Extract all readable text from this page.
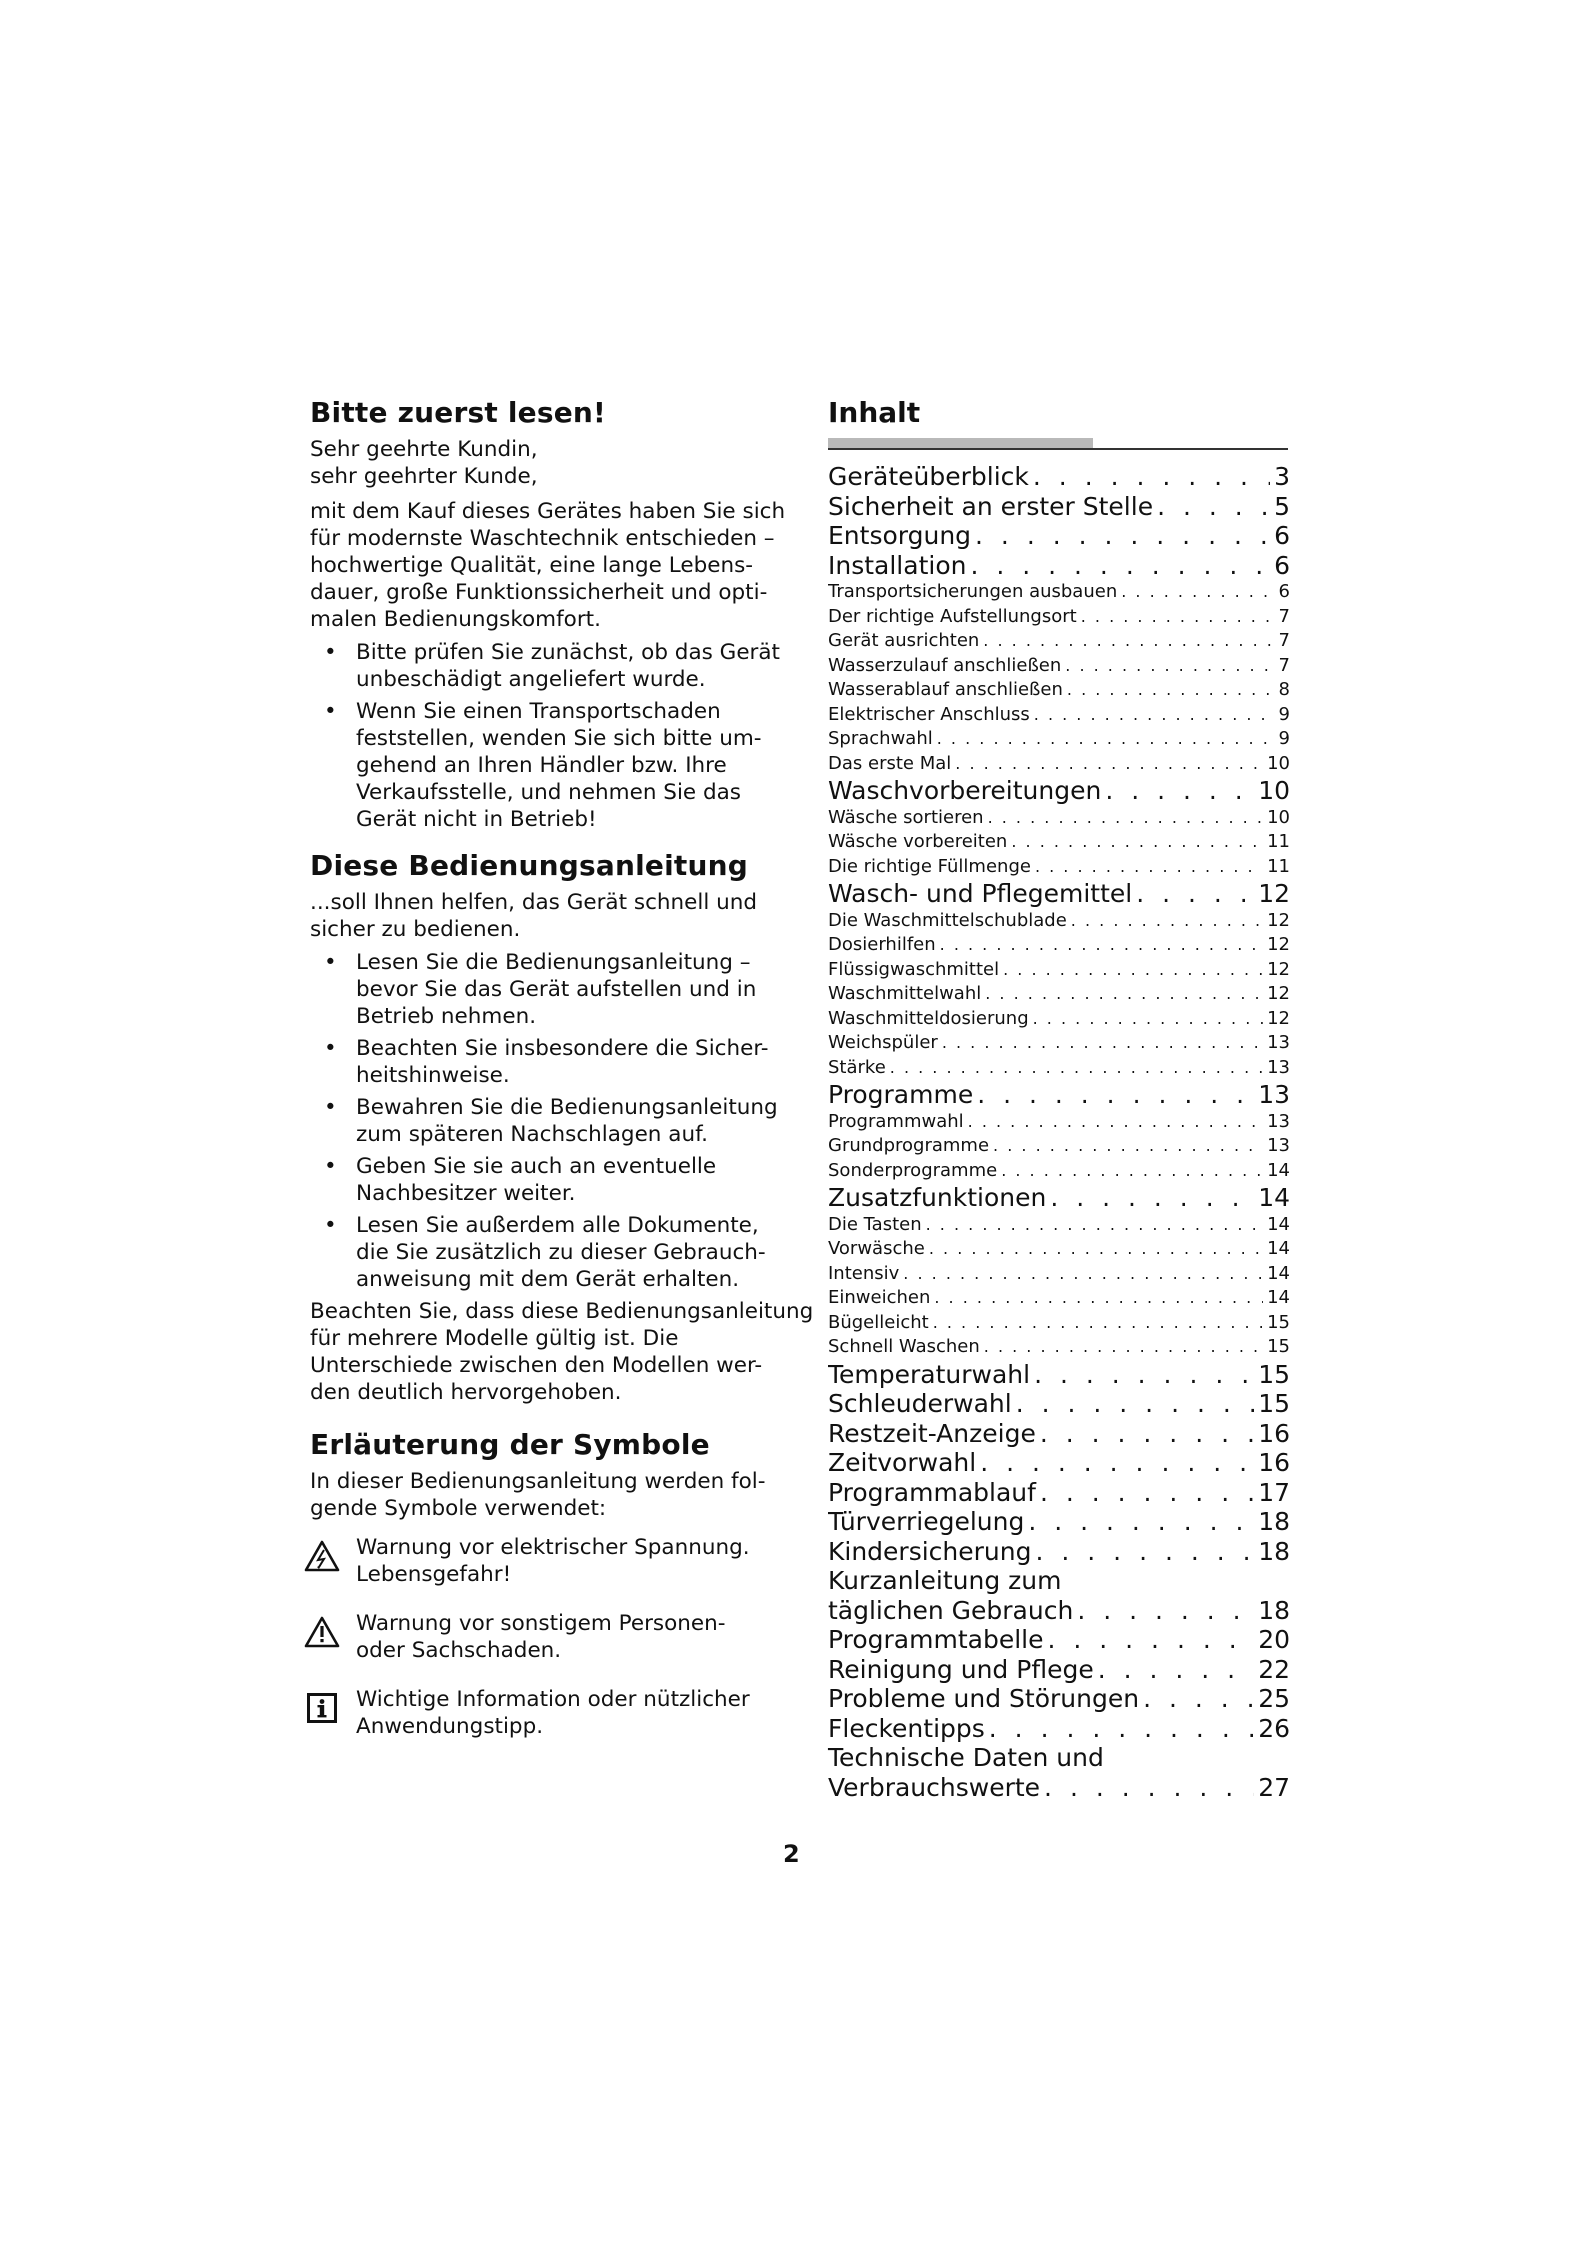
Bitte zuerst lesen!

Sehr geehrte Kundin,

sehr geehrter Kunde,

mit dem Kauf dieses Gerätes haben Sie sich

für modernste Waschtechnik entschieden –

hochwertige Qualität, eine lange Lebens-

dauer, große Funktionssicherheit und opti-

malen Bedienungskomfort.

• Bitte prüfen Sie zunächst, ob das Gerät
unbeschädigt angeliefert wurde.
• Wenn Sie einen Transportschaden
feststellen, wenden Sie sich bitte um-
gehend an Ihren Händler bzw. Ihre
Verkaufsstelle, und nehmen Sie das
Gerät nicht in Betrieb!
Diese Bedienungsanleitung

...soll Ihnen helfen, das Gerät schnell und

sicher zu bedienen.

• Lesen Sie die Bedienungsanleitung –
bevor Sie das Gerät aufstellen und in
Betrieb nehmen.
• Beachten Sie insbesondere die Sicher-
heitshinweise.
• Bewahren Sie die Bedienungsanleitung
zum späteren Nachschlagen auf.
• Geben Sie sie auch an eventuelle
Nachbesitzer weiter.
• Lesen Sie außerdem alle Dokumente,
die Sie zusätzlich zu dieser Gebrauch-
anweisung mit dem Gerät erhalten.

Beachten Sie, dass diese Bedienungsanleitung

für mehrere Modelle gültig ist. Die

Unterschiede zwischen den Modellen wer-

den deutlich hervorgehoben.

Erläuterung der Symbole

In dieser Bedienungsanleitung werden fol-

gende Symbole verwendet:

Warnung vor elektrischer Spannung.
Lebensgefahr!
Warnung vor sonstigem Personen-
oder Sachschaden.
Wichtige Information oder nützlicher
Anwendungstipp.
Inhalt
Geräteüberblick . . .	3
Sicherheit an erster Stelle . . .	5
Entsorgung . . .	6
Installation . . .	6
Transportsicherungen ausbauen . . .	6
Der richtige Aufstellungsort . . .	7
Gerät ausrichten . . .	7
Wasserzulauf anschließen . . .	7
Wasserablauf anschließen . . .	8
Elektrischer Anschluss . . .	9
Sprachwahl . . .	9
Das erste Mal . . .	10
Waschvorbereitungen . . .	10
Wäsche sortieren . . .	10
Wäsche vorbereiten . . .	11
Die richtige Füllmenge . . .	11
Wasch- und Pflegemittel . . .	12
Die Waschmittelschublade . . .	12
Dosierhilfen . . .	12
Flüssigwaschmittel . . .	12
Waschmittelwahl . . .	12
Waschmitteldosierung . . .	12
Weichspüler . . .	13
Stärke . . .	13
Programme . . .	13
Programmwahl . . .	13
Grundprogramme . . .	13
Sonderprogramme . . .	14
Zusatzfunktionen . . .	14
Die Tasten . . .	14
Vorwäsche . . .	14
Intensiv . . .	14
Einweichen . . .	14
Bügelleicht . . .	15
Schnell Waschen . . .	15
Temperaturwahl . . .	15
Schleuderwahl . . .	15
Restzeit-Anzeige . . .	16
Zeitvorwahl . . .	16
Programmablauf . . .	17
Türverriegelung . . .	18
Kindersicherung . . .	18
Kurzanleitung zum
täglichen Gebrauch . . .	18
Programmtabelle . . .	20
Reinigung und Pflege . . .	22
Probleme und Störungen . . .	25
Fleckentipps . . .	26
Technische Daten und
Verbrauchswerte . . .	27
2
